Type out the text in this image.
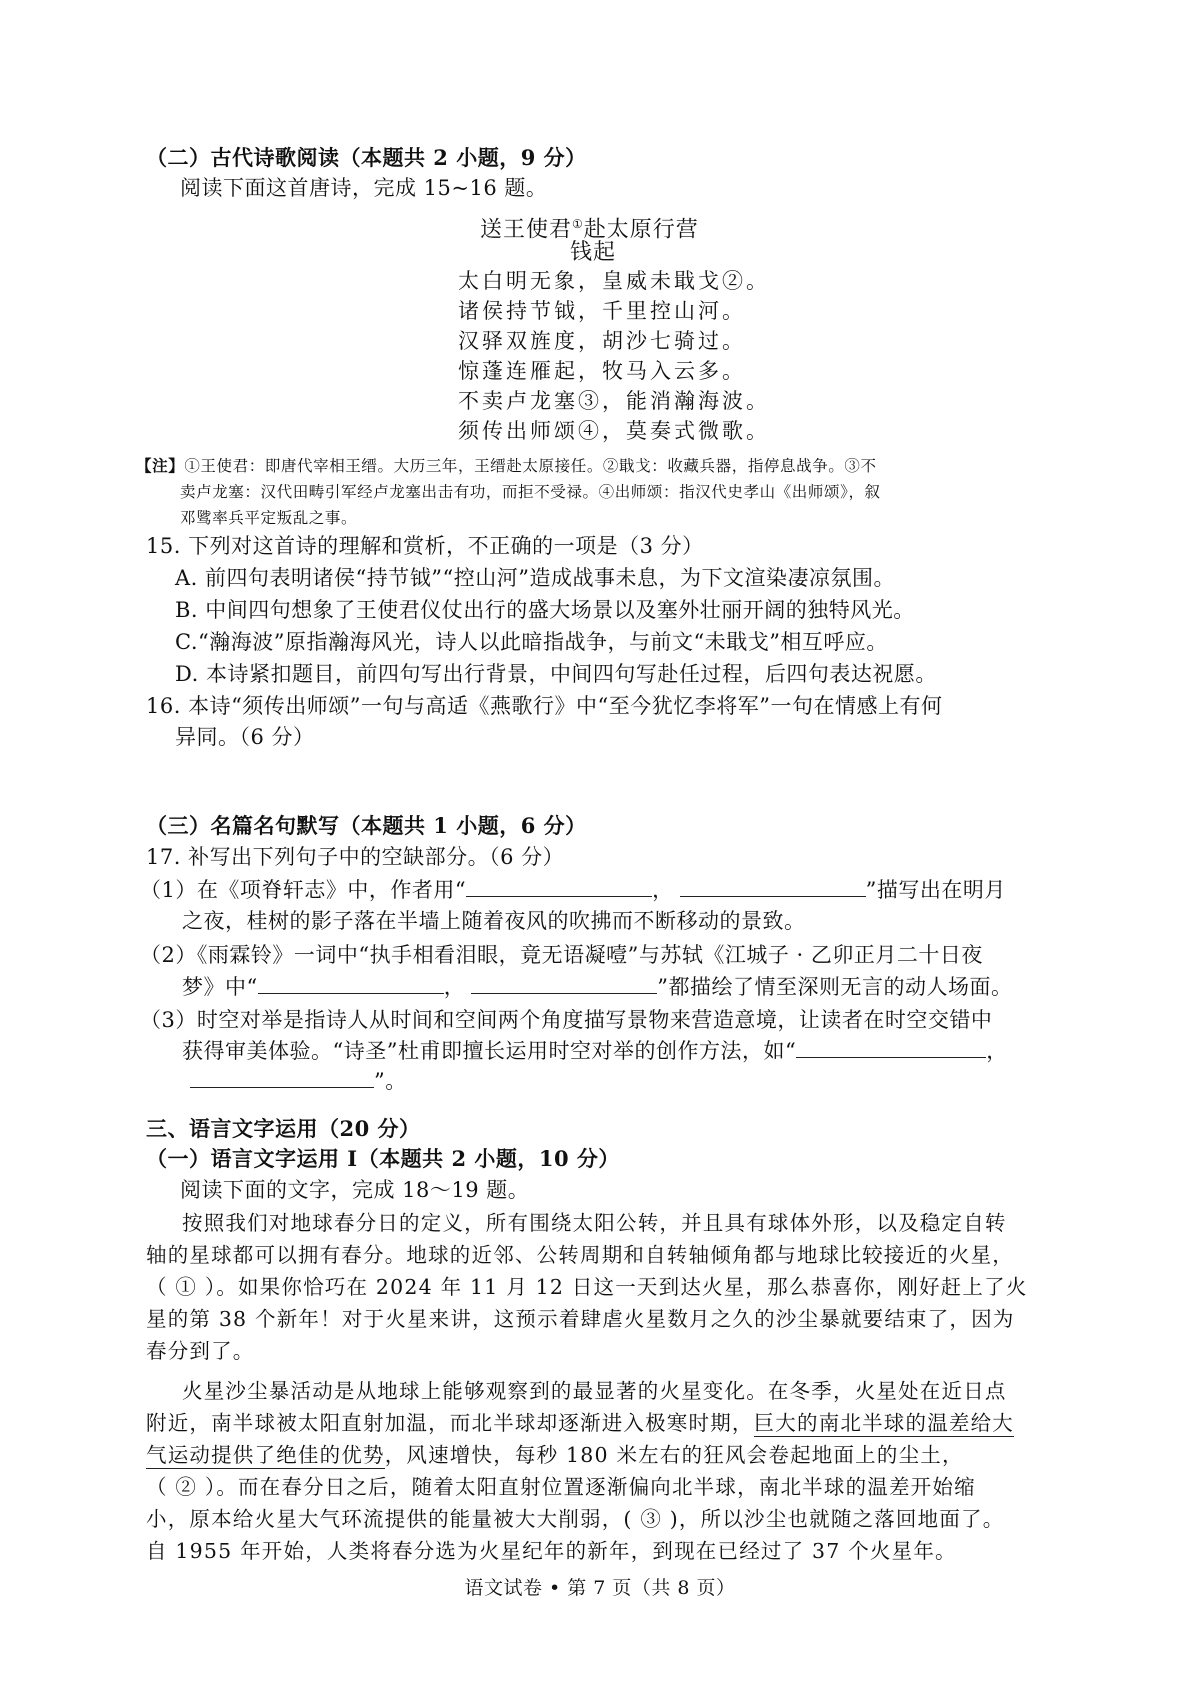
（二）古代诗歌阅读（本题共 2 小题，9 分）
阅读下面这首唐诗，完成 15~16 题。
送王使君①赴太原行营
钱起
太白明无象，皇威未戢戈②。
诸侯持节钺，千里控山河。
汉驿双旌度，胡沙七骑过。
惊蓬连雁起，牧马入云多。
不卖卢龙塞③，能消瀚海波。
须传出师颂④，莫奏式微歌。
【注】①王使君：即唐代宰相王缙。大历三年，王缙赴太原接任。②戢戈：收藏兵器，指停息战争。③不
卖卢龙塞：汉代田畴引军经卢龙塞出击有功，而拒不受禄。④出师颂：指汉代史孝山《出师颂》，叙
邓骘率兵平定叛乱之事。
15. 下列对这首诗的理解和赏析，不正确的一项是（3 分）
A. 前四句表明诸侯“持节钺”“控山河”造成战事未息，为下文渲染凄凉氛围。
B. 中间四句想象了王使君仪仗出行的盛大场景以及塞外壮丽开阔的独特风光。
C.“瀚海波”原指瀚海风光，诗人以此暗指战争，与前文“未戢戈”相互呼应。
D. 本诗紧扣题目，前四句写出行背景，中间四句写赴任过程，后四句表达祝愿。
16. 本诗“须传出师颂”一句与高适《燕歌行》中“至今犹忆李将军”一句在情感上有何
异同。（6 分）
（三）名篇名句默写（本题共 1 小题，6 分）
17. 补写出下列句子中的空缺部分。（6 分）
（1）在《项脊轩志》中，作者用“	，	”描写出在明月
之夜，桂树的影子落在半墙上随着夜风的吹拂而不断移动的景致。
（2）《雨霖铃》一词中“执手相看泪眼，竟无语凝噎”与苏轼《江城子 · 乙卯正月二十日夜
梦》中“	，	”都描绘了情至深则无言的动人场面。
（3）时空对举是指诗人从时间和空间两个角度描写景物来营造意境，让读者在时空交错中
获得审美体验。“诗圣”杜甫即擅长运用时空对举的创作方法，如“	，
”。
三、语言文字运用（20 分）
（一）语言文字运用 Ⅰ（本题共 2 小题，10 分）
阅读下面的文字，完成 18～19 题。
按照我们对地球春分日的定义，所有围绕太阳公转，并且具有球体外形，以及稳定自转
轴的星球都可以拥有春分。地球的近邻、公转周期和自转轴倾角都与地球比较接近的火星，
（ ① ）。如果你恰巧在 2024 年 11 月 12 日这一天到达火星，那么恭喜你，刚好赶上了火
星的第 38 个新年！对于火星来讲，这预示着肆虐火星数月之久的沙尘暴就要结束了，因为
春分到了。
火星沙尘暴活动是从地球上能够观察到的最显著的火星变化。在冬季，火星处在近日点
附近，南半球被太阳直射加温，而北半球却逐渐进入极寒时期，巨大的南北半球的温差给大
气运动提供了绝佳的优势，风速增快，每秒 180 米左右的狂风会卷起地面上的尘土，
（ ② ）。而在春分日之后，随着太阳直射位置逐渐偏向北半球，南北半球的温差开始缩
小，原本给火星大气环流提供的能量被大大削弱，( ③ )，所以沙尘也就随之落回地面了。
自 1955 年开始，人类将春分选为火星纪年的新年，到现在已经过了 37 个火星年。
语文试卷 • 第 7 页（共 8 页）
